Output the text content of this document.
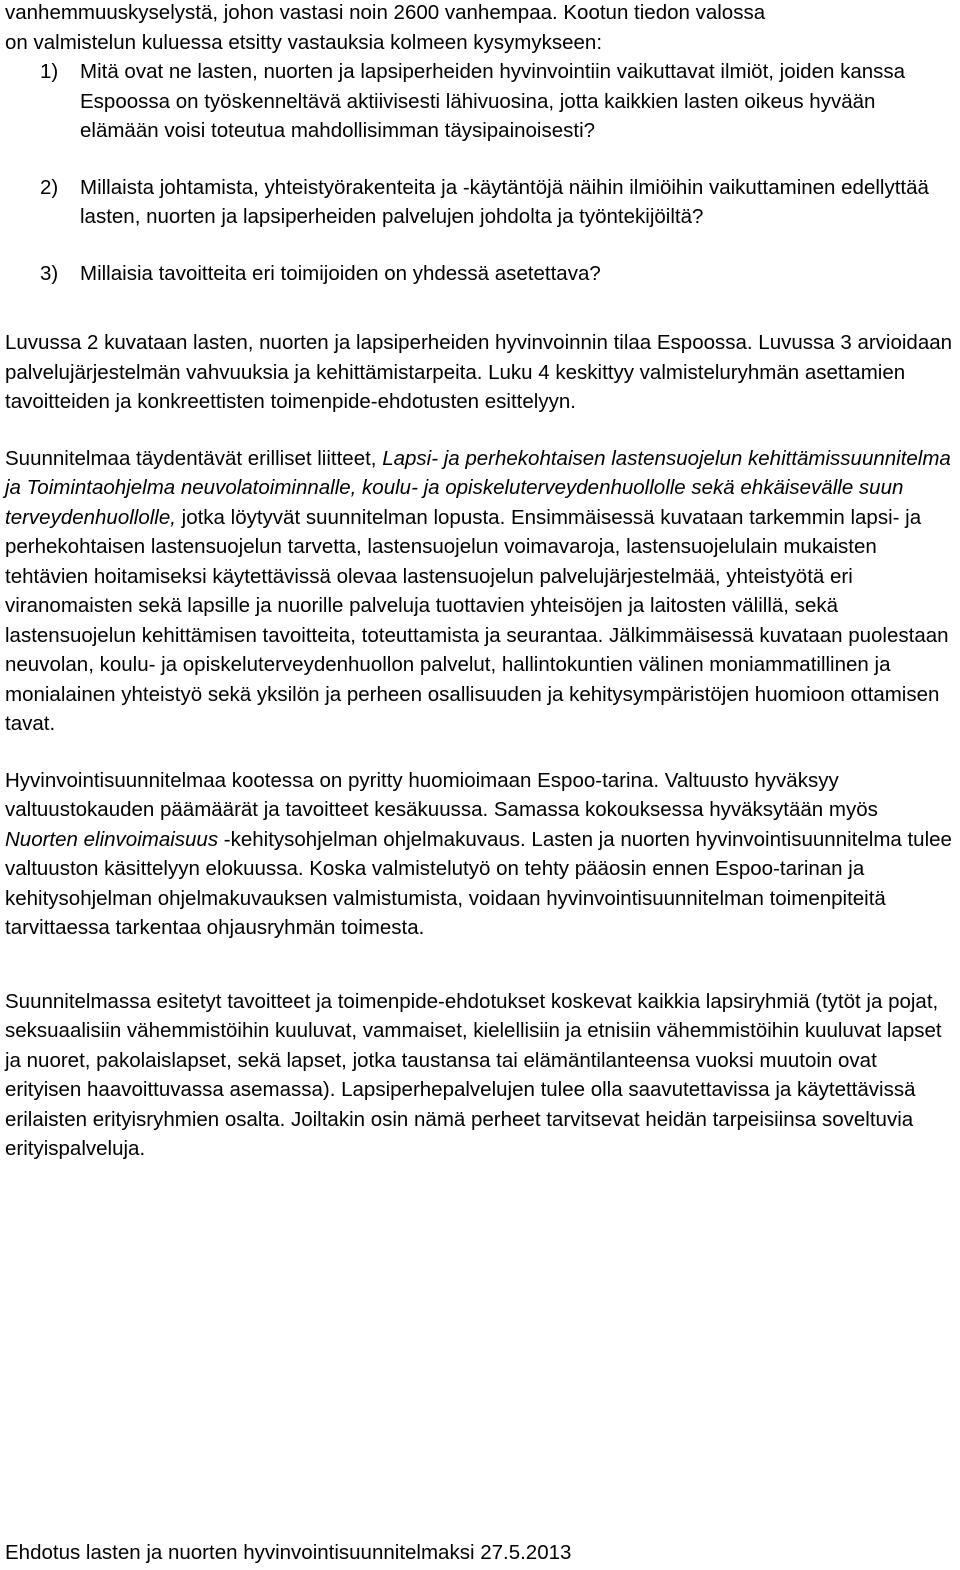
vanhemmuuskyselystä, johon vastasi noin 2600 vanhempaa. Kootun tiedon valossa
on valmistelun kuluessa etsitty vastauksia kolmeen kysymykseen:

1) Mitä ovat ne lasten, nuorten ja lapsiperheiden hyvinvointiin vaikuttavat ilmiöt, joiden kanssa Espoossa on työskenneltävä aktiivisesti lähivuosina, jotta kaikkien lasten oikeus hyvään elämään voisi toteutua mahdollisimman täysipainoisesti?
2) Millaista johtamista, yhteistyörakenteita ja -käytäntöjä näihin ilmiöihin vaikuttaminen edellyttää lasten, nuorten ja lapsiperheiden palvelujen johdolta ja työntekijöiltä?
3) Millaisia tavoitteita eri toimijoiden on yhdessä asetettava?

Luvussa 2 kuvataan lasten, nuorten ja lapsiperheiden hyvinvoinnin tilaa Espoossa. Luvussa 3 arvioidaan palvelujärjestelmän vahvuuksia ja kehittämistarpeita. Luku 4 keskittyy valmisteluryhmän asettamien tavoitteiden ja konkreettisten toimenpide-ehdotusten esittelyyn.

Suunnitelmaa täydentävät erilliset liitteet, Lapsi- ja perhekohtaisen lastensuojelun kehittämissuunnitelma ja Toimintaohjelma neuvolatoiminnalle, koulu- ja opiskeluterveydenhuollolle sekä ehkäisevälle suun terveydenhuollolle, jotka löytyvät suunnitelman lopusta. Ensimmäisessä kuvataan tarkemmin lapsi- ja perhekohtaisen lastensuojelun tarvetta, lastensuojelun voimavaroja, lastensuojelulain mukaisten tehtävien hoitamiseksi käytettävissä olevaa lastensuojelun palvelujärjestelmää, yhteistyötä eri viranomaisten sekä lapsille ja nuorille palveluja tuottavien yhteisöjen ja laitosten välillä, sekä lastensuojelun kehittämisen tavoitteita, toteuttamista ja seurantaa. Jälkimmäisessä kuvataan puolestaan neuvolan, koulu- ja opiskeluterveydenhuollon palvelut, hallintokuntien välinen moniammatillinen ja monialainen yhteistyö sekä yksilön ja perheen osallisuuden ja kehitysympäristöjen huomioon ottamisen tavat.

Hyvinvointisuunnitelmaa kootessa on pyritty huomioimaan Espoo-tarina. Valtuusto hyväksyy valtuustokauden päämäärät ja tavoitteet kesäkuussa. Samassa kokouksessa hyväksytään myös Nuorten elinvoimaisuus -kehitysohjelman ohjelmakuvaus. Lasten ja nuorten hyvinvointisuunnitelma tulee valtuuston käsittelyyn elokuussa. Koska valmistelutyö on tehty pääosin ennen Espoo-tarinan ja kehitysohjelman ohjelmakuvauksen valmistumista, voidaan hyvinvointisuunnitelman toimenpiteitä tarvittaessa tarkentaa ohjausryhmän toimesta.

Suunnitelmassa esitetyt tavoitteet ja toimenpide-ehdotukset koskevat kaikkia lapsiryhmiä (tytöt ja pojat, seksuaalisiin vähemmistöihin kuuluvat, vammaiset, kielellisiin ja etnisiin vähemmistöihin kuuluvat lapset ja nuoret, pakolaislapset, sekä lapset, jotka taustansa tai elämäntilanteensa vuoksi muutoin ovat erityisen haavoittuvassa asemassa). Lapsiperhepalvelujen tulee olla saavutettavissa ja käytettävissä erilaisten erityisryhmien osalta. Joiltakin osin nämä perheet tarvitsevat heidän tarpeisiinsa soveltuvia erityispalveluja.

Ehdotus lasten ja nuorten hyvinvointisuunnitelmaksi 27.5.2013
